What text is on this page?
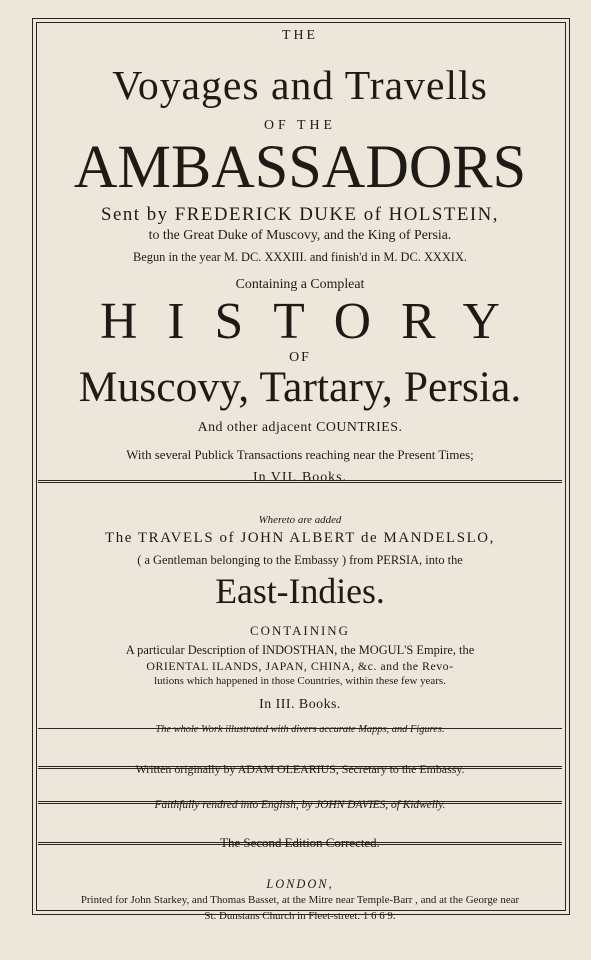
THE
Voyages and Travells
OF THE
AMBASSADORS
Sent by FREDERICK DUKE of HOLSTEIN,
to the Great Duke of Muscovy, and the King of Persia.
Begun in the year M. DC. XXXIII. and finish'd in M. DC. XXXIX.
Containing a Compleat
HISTORY
OF
Muscovy, Tartary, Persia.
And other adjacent COUNTRIES.
With several Publick Transactions reaching near the Present Times;
In VII. Books.
Whereto are added
The TRAVELS of JOHN ALBERT de MANDELSLO,
( a Gentleman belonging to the Embassy ) from PERSIA, into the
East-Indies.
CONTAINING
A particular Description of INDOSTHAN, the MOGUL'S Empire, the
ORIENTAL ILANDS, JAPAN, CHINA, &c. and the Revo-
lutions which happened in those Countries, within these few years.
In III. Books.
The whole Work illustrated with divers accurate Mapps, and Figures.
Written originally by ADAM OLEARIUS, Secretary to the Embassy.
Faithfully rendred into English, by JOHN DAVIES, of Kidwelly.
The Second Edition Corrected.
LONDON,
Printed for John Starkey, and Thomas Basset, at the Mitre near Temple-Barr , and at the George near
St. Dunstans Church in Fleet-street. 1 6 6 9.
